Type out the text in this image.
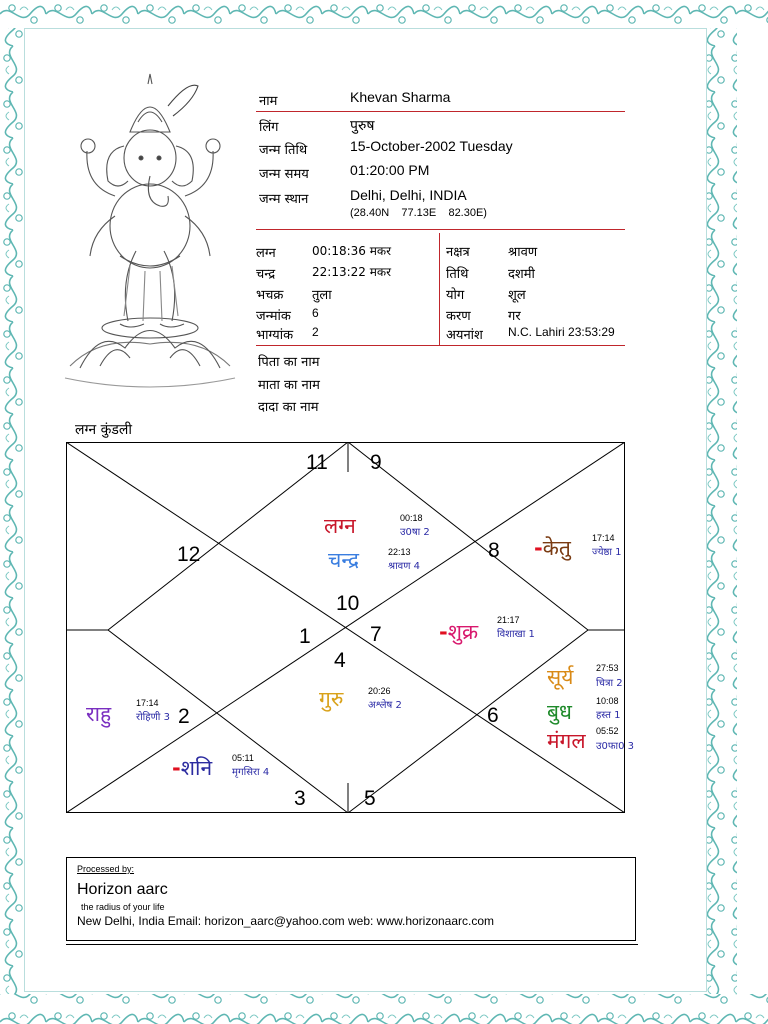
नाम	Khevan Sharma
लिंग	पुरुष
जन्म तिथि	15-October-2002 Tuesday
जन्म समय	01:20:00 PM
जन्म स्थान	Delhi, Delhi, INDIA
(28.40N    77.13E    82.30E)
लग्न	00:18:36 मकर
चन्द्र	22:13:22 मकर
भचक्र तुला
जन्मांक 6
भाग्यांक 2
नक्षत्र	श्रावण
तिथि	दशमी
योग	शूल
करण	गर
अयनांश N.C. Lahiri 23:53:29
पिता का नाम
माता का नाम
दादा का नाम
लग्न कुंडली
11 9
12	8
10
1	7
4
2	6
3	5
लग्न	00:18
उ0षा 2
चन्द्र	22:13
श्रावण 4
-केतु 17:14
ज्येष्ठा 1
-शुक्र 21:17
विशाखा 1
सूर्य	27:53
चित्रा 2
बुध	10:08
हस्त 1
मंगल 05:52
उ0फा0 3
गुरु	20:26
अश्लेष 2
राहु	17:14
रोहिणी 3
-शनि 05:11
मृगसिरा 4
Processed by:
Horizon aarc
the radius of your life
New Delhi, India Email: horizon_aarc@yahoo.com web: www.horizonaarc.com
